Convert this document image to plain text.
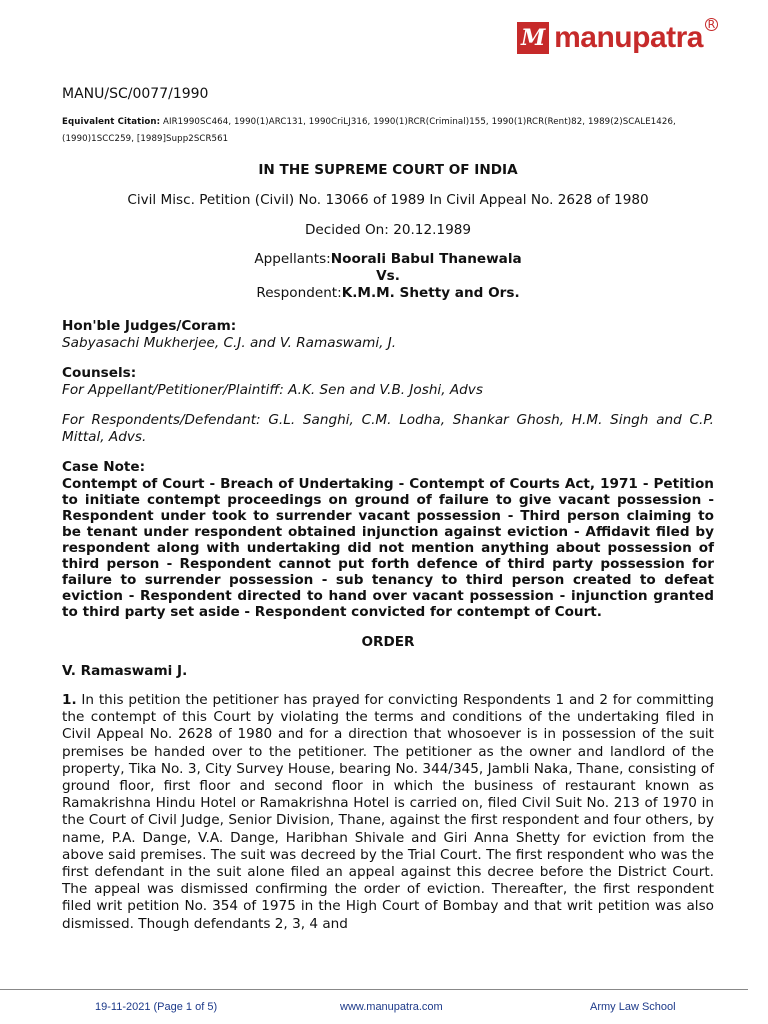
M manupatra R
MANU/SC/0077/1990
Equivalent Citation: AIR1990SC464, 1990(1)ARC131, 1990CriLJ316, 1990(1)RCR(Criminal)155, 1990(1)RCR(Rent)82, 1989(2)SCALE1426, (1990)1SCC259, [1989]Supp2SCR561
IN THE SUPREME COURT OF INDIA
Civil Misc. Petition (Civil) No. 13066 of 1989 In Civil Appeal No. 2628 of 1980
Decided On: 20.12.1989
Appellants:Noorali Babul Thanewala
Vs.
Respondent:K.M.M. Shetty and Ors.
Hon'ble Judges/Coram:
Sabyasachi Mukherjee, C.J. and V. Ramaswami, J.
Counsels:
For Appellant/Petitioner/Plaintiff: A.K. Sen and V.B. Joshi, Advs
For Respondents/Defendant: G.L. Sanghi, C.M. Lodha, Shankar Ghosh, H.M. Singh and C.P. Mittal, Advs.
Case Note:
Contempt of Court - Breach of Undertaking - Contempt of Courts Act, 1971 - Petition to initiate contempt proceedings on ground of failure to give vacant possession - Respondent under took to surrender vacant possession - Third person claiming to be tenant under respondent obtained injunction against eviction - Affidavit filed by respondent along with undertaking did not mention anything about possession of third person - Respondent cannot put forth defence of third party possession for failure to surrender possession - sub tenancy to third person created to defeat eviction - Respondent directed to hand over vacant possession - injunction granted to third party set aside - Respondent convicted for contempt of Court.
ORDER
V. Ramaswami J.
1. In this petition the petitioner has prayed for convicting Respondents 1 and 2 for committing the contempt of this Court by violating the terms and conditions of the undertaking filed in Civil Appeal No. 2628 of 1980 and for a direction that whosoever is in possession of the suit premises be handed over to the petitioner. The petitioner as the owner and landlord of the property, Tika No. 3, City Survey House, bearing No. 344/345, Jambli Naka, Thane, consisting of ground floor, first floor and second floor in which the business of restaurant known as Ramakrishna Hindu Hotel or Ramakrishna Hotel is carried on, filed Civil Suit No. 213 of 1970 in the Court of Civil Judge, Senior Division, Thane, against the first respondent and four others, by name, P.A. Dange, V.A. Dange, Haribhan Shivale and Giri Anna Shetty for eviction from the above said premises. The suit was decreed by the Trial Court. The first respondent who was the first defendant in the suit alone filed an appeal against this decree before the District Court. The appeal was dismissed confirming the order of eviction. Thereafter, the first respondent filed writ petition No. 354 of 1975 in the High Court of Bombay and that writ petition was also dismissed. Though defendants 2, 3, 4 and
19-11-2021 (Page 1 of 5)	www.manupatra.com	Army Law School
